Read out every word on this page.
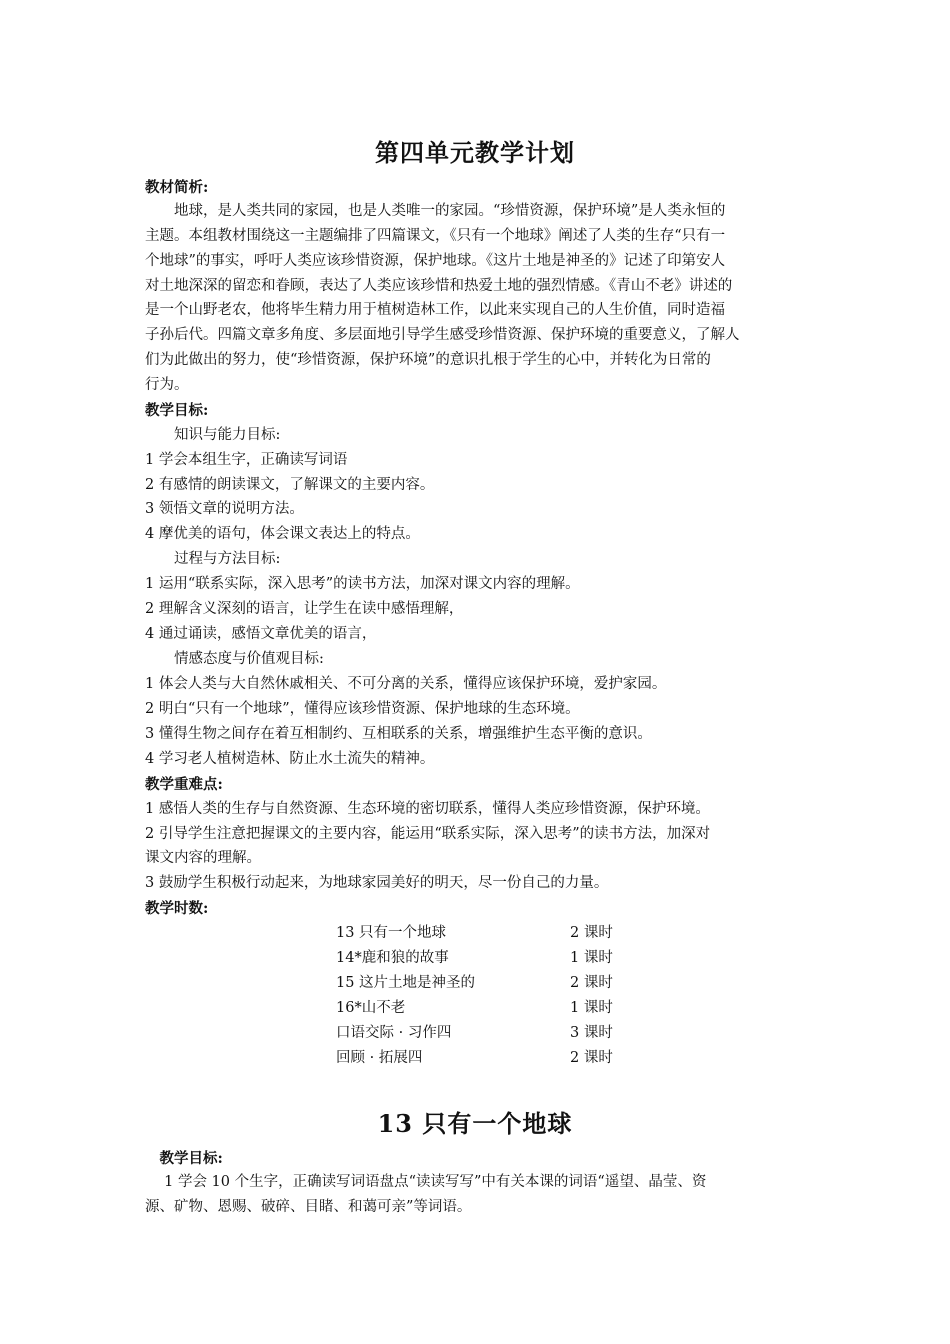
第四单元教学计划
教材简析:
　　地球，是人类共同的家园，也是人类唯一的家园。“珍惜资源，保护环境”是人类永恒的
主题。本组教材围绕这一主题编排了四篇课文，《只有一个地球》阐述了人类的生存“只有一
个地球”的事实，呼吁人类应该珍惜资源，保护地球。《这片土地是神圣的》记述了印第安人
对土地深深的留恋和眷顾，表达了人类应该珍惜和热爱土地的强烈情感。《青山不老》讲述的
是一个山野老农，他将毕生精力用于植树造林工作，以此来实现自己的人生价值，同时造福
子孙后代。四篇文章多角度、多层面地引导学生感受珍惜资源、保护环境的重要意义，了解人
们为此做出的努力，使“珍惜资源，保护环境”的意识扎根于学生的心中，并转化为日常的
行为。
教学目标:
　　知识与能力目标:
1 学会本组生字，正确读写词语
2 有感情的朗读课文，了解课文的主要内容。
3 领悟文章的说明方法。
4 摩优美的语句，体会课文表达上的特点。
　　过程与方法目标:
1 运用“联系实际，深入思考”的读书方法，加深对课文内容的理解。
2 理解含义深刻的语言，让学生在读中感悟理解，
4 通过诵读，感悟文章优美的语言，
　　情感态度与价值观目标:
1 体会人类与大自然休戚相关、不可分离的关系，懂得应该保护环境，爱护家园。
2 明白“只有一个地球”，懂得应该珍惜资源、保护地球的生态环境。
3 懂得生物之间存在着互相制约、互相联系的关系，增强维护生态平衡的意识。
4 学习老人植树造林、防止水土流失的精神。
教学重难点:
1 感悟人类的生存与自然资源、生态环境的密切联系，懂得人类应珍惜资源，保护环境。
2 引导学生注意把握课文的主要内容，能运用“联系实际，深入思考”的读书方法，加深对
课文内容的理解。
3 鼓励学生积极行动起来，为地球家园美好的明天，尽一份自己的力量。
教学时数:
13 只有一个地球	2 课时
14*鹿和狼的故事	1 课时
15 这片土地是神圣的	2 课时
16*山不老	1 课时
口语交际 · 习作四	3 课时
回顾 · 拓展四	2 课时
13 只有一个地球
　教学目标:
　 1 学会 10 个生字，正确读写词语盘点“读读写写”中有关本课的词语“遥望、晶莹、资
源、矿物、恩赐、破碎、目睹、和蔼可亲”等词语。
